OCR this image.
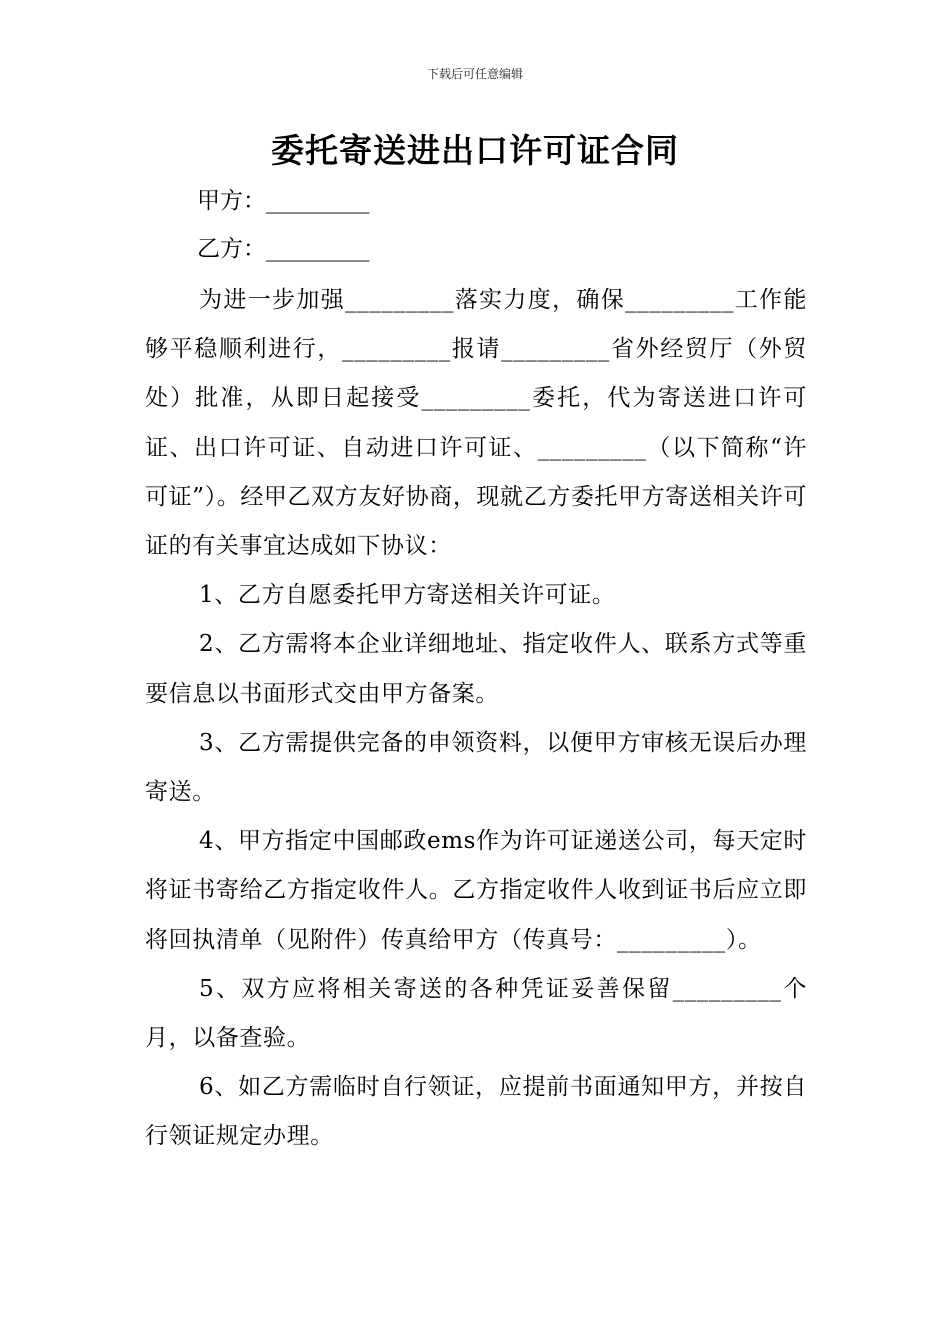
下载后可任意编辑
委托寄送进出口许可证合同
甲方：_________
乙方：_________

为进一步加强_________落实力度，确保_________工作能够平稳顺利进行，_________报请_________省外经贸厅（外贸处）批准，从即日起接受_________委托，代为寄送进口许可证、出口许可证、自动进口许可证、_________（以下简称“许可证”）。经甲乙双方友好协商，现就乙方委托甲方寄送相关许可证的有关事宜达成如下协议：

1、乙方自愿委托甲方寄送相关许可证。

2、乙方需将本企业详细地址、指定收件人、联系方式等重要信息以书面形式交由甲方备案。

3、乙方需提供完备的申领资料，以便甲方审核无误后办理寄送。

4、甲方指定中国邮政ems作为许可证递送公司，每天定时将证书寄给乙方指定收件人。乙方指定收件人收到证书后应立即将回执清单（见附件）传真给甲方（传真号：_________）。

5、双方应将相关寄送的各种凭证妥善保留_________个月，以备查验。

6、如乙方需临时自行领证，应提前书面通知甲方，并按自行领证规定办理。
